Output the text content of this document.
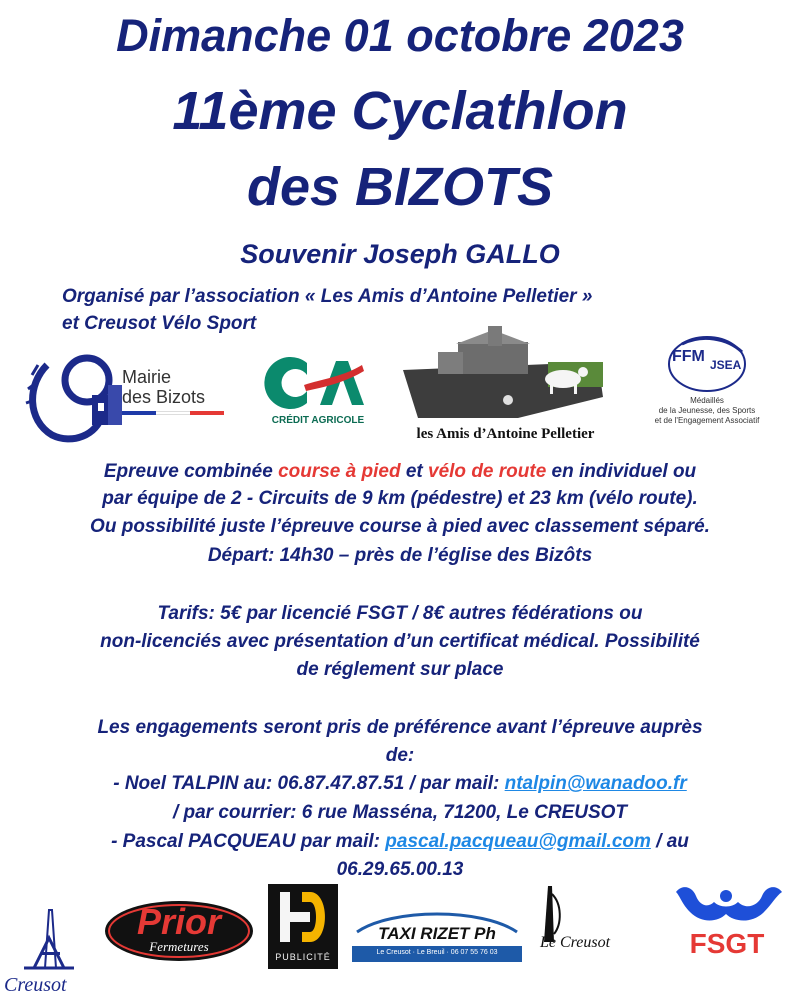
Dimanche 01 octobre 2023
11ème Cyclathlon
des BIZOTS
Souvenir Joseph GALLO
Organisé par l’association « Les Amis d’Antoine Pelletier »
et Creusot Vélo Sport
Mairie
des Bizots
CRÉDIT AGRICOLE
les Amis d’Antoine Pelletier
FFM JSEA
Médaillés
de la Jeunesse, des Sports
et de l'Engagement Associatif
Epreuve combinée course à pied et vélo de route en individuel ou
par équipe de 2 - Circuits de 9 km (pédestre) et 23 km (vélo route).
Ou possibilité juste l’épreuve course à pied avec classement séparé.
Départ: 14h30 – près de l’église des Bizôts
Tarifs: 5€ par licencié FSGT / 8€ autres fédérations ou
non-licenciés avec présentation d’un certificat médical. Possibilité
de réglement sur place
Les engagements seront pris de préférence avant l’épreuve auprès
de:
- Noel TALPIN au: 06.87.47.87.51 / par mail: ntalpin@wanadoo.fr
/ par courrier: 6 rue Masséna, 71200, Le CREUSOT
- Pascal PACQUEAU par mail: pascal.pacqueau@gmail.com / au
06.29.65.00.13
Creusot
Prior
Fermetures
PUBLICITÉ
TAXI RIZET Ph
Le Creusot · Le Breuil · 06 07 55 76 03
Le Creusot	FSGT
